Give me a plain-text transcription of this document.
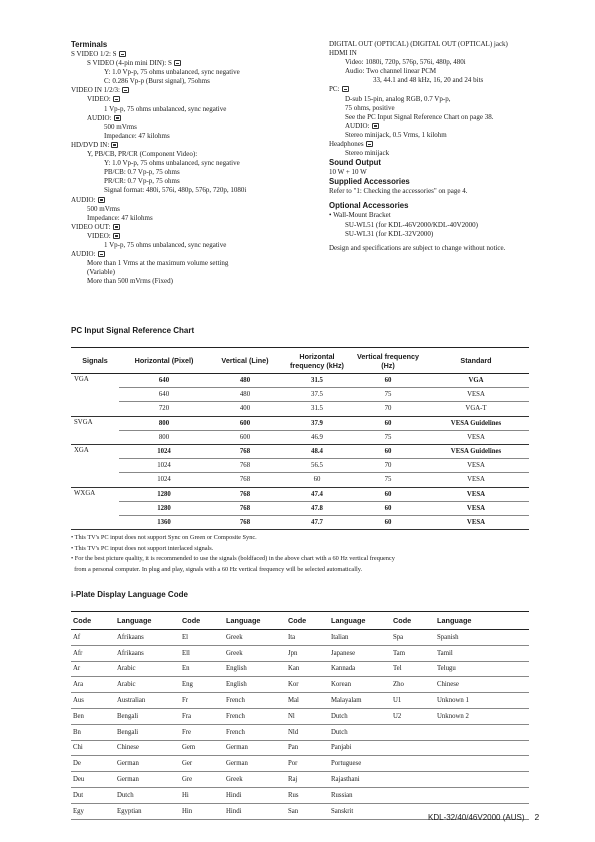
Terminals
S VIDEO 1/2: S
S VIDEO (4-pin mini DIN): S
Y: 1.0 Vp-p, 75 ohms unbalanced, sync negative
C: 0.286 Vp-p (Burst signal), 75ohms
VIDEO IN 1/2/3:
VIDEO:
1 Vp-p, 75 ohms unbalanced, sync negative
AUDIO:
500 mVrms
Impedance: 47 kilohms
HD/DVD IN:
Y, PB/CB, PR/CR (Component Video):
Y: 1.0 Vp-p, 75 ohms unbalanced, sync negative
PB/CB: 0.7 Vp-p, 75 ohms
PR/CR: 0.7 Vp-p, 75 ohms
Signal format: 480i, 576i, 480p, 576p, 720p, 1080i
AUDIO:
500 mVrms
Impedance: 47 kilohms
VIDEO OUT:
VIDEO:
1 Vp-p, 75 ohms unbalanced, sync negative
AUDIO:
More than 1 Vrms at the maximum volume setting
(Variable)
More than 500 mVrms (Fixed)
DIGITAL OUT (OPTICAL) (DIGITAL OUT (OPTICAL) jack)
HDMI IN
Video: 1080i, 720p, 576p, 576i, 480p, 480i
Audio: Two channel linear PCM
33, 44.1 and 48 kHz, 16, 20 and 24 bits
PC:
D-sub 15-pin, analog RGB, 0.7 Vp-p,
75 ohms, positive
See the PC Input Signal Reference Chart on page 38.
AUDIO:
Stereo minijack, 0.5 Vrms, 1 kilohm
Headphones
Stereo minijack
Sound Output
10 W + 10 W
Supplied Accessories
Refer to "1: Checking the accessories" on page 4.
Optional Accessories
• Wall-Mount Bracket
SU-WL51 (for KDL-46V2000/KDL-40V2000)
SU-WL31 (for KDL-32V2000)
Design and specifications are subject to change without notice.
PC Input Signal Reference Chart
Signals	Horizontal (Pixel)	Vertical (Line)	Horizontal frequency (kHz)	Vertical frequency (Hz)	Standard
VGA	640	480	31.5	60	VGA
	640	480	37.5	75	VESA
	720	400	31.5	70	VGA-T
SVGA	800	600	37.9	60	VESA Guidelines
	800	600	46.9	75	VESA
XGA	1024	768	48.4	60	VESA Guidelines
	1024	768	56.5	70	VESA
	1024	768	60	75	VESA
WXGA	1280	768	47.4	60	VESA
	1280	768	47.8	60	VESA
	1360	768	47.7	60	VESA
• This TV's PC input does not support Sync on Green or Composite Sync.
• This TV's PC input does not support interlaced signals.
• For the best picture quality, it is recommended to use the signals (boldfaced) in the above chart with a 60 Hz vertical frequency
from a personal computer. In plug and play, signals with a 60 Hz vertical frequency will be selected automatically.
i-Plate Display Language Code
Code	Language	Code	Language	Code	Language	Code	Language
Af	Afrikaans	El	Greek	Ita	Italian	Spa	Spanish
Afr	Afrikaans	Ell	Greek	Jpn	Japanese	Tam	Tamil
Ar	Arabic	En	English	Kan	Kannada	Tel	Telugu
Ara	Arabic	Eng	English	Kor	Korean	Zho	Chinese
Aus	Australian	Fr	French	Mal	Malayalam	U1	Unknown 1
Ben	Bengali	Fra	French	Nl	Dutch	U2	Unknown 2
Bn	Bengali	Fre	French	Nld	Dutch		
Chi	Chinese	Gem	German	Pan	Panjabi		
De	German	Ger	German	Por	Portuguese		
Deu	German	Gre	Greek	Raj	Rajasthani		
Dut	Dutch	Hi	Hindi	Rus	Russian		
Egy	Egyptian	Hin	Hindi	San	Sanskrit		
KDL-32/40/46V2000 (AUS) 2
